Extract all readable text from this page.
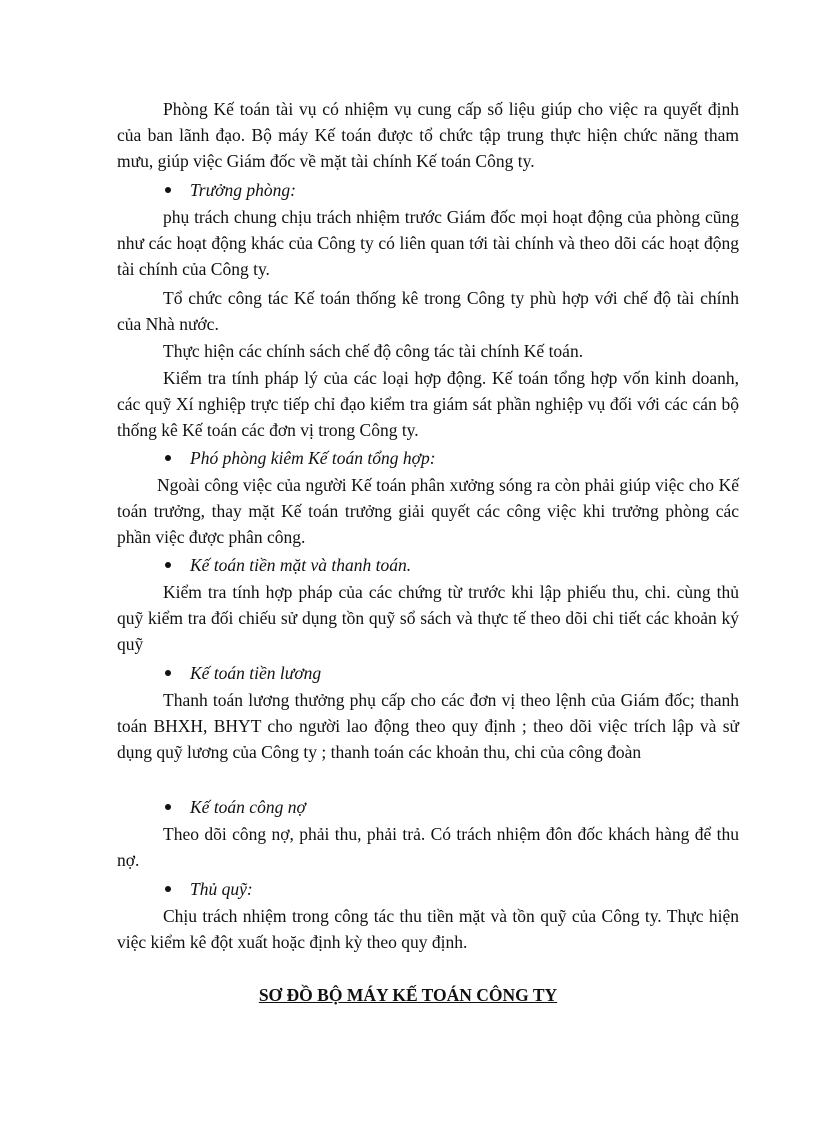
Phòng Kế toán tài vụ có nhiệm vụ cung cấp số liệu giúp cho việc ra quyết định của ban lãnh đạo. Bộ máy Kế toán được tổ chức tập trung thực hiện chức năng tham mưu, giúp việc Giám đốc về mặt tài chính Kế toán Công ty.

Trưởng phòng:

phụ trách chung chịu trách nhiệm trước Giám đốc mọi hoạt động của phòng cũng như các hoạt động khác của Công ty có liên quan tới tài chính và theo dõi các hoạt động tài chính của Công ty.

Tổ chức công tác Kế toán thống kê trong Công ty phù hợp với chế độ tài chính của Nhà nước.

Thực hiện các chính sách chế độ công tác tài chính Kế toán.

Kiểm tra tính pháp lý của các loại hợp động. Kế toán tổng hợp vốn kinh doanh, các quỹ Xí nghiệp trực tiếp chỉ đạo kiểm tra giám sát phần nghiệp vụ đối với các cán bộ thống kê Kế toán các đơn vị trong Công ty.

Phó phòng kiêm Kế toán tổng hợp:

Ngoài công việc của người Kế toán phân xưởng sóng ra còn phải giúp việc cho Kế toán trưởng, thay mặt Kế toán trưởng giải quyết các công việc khi trưởng phòng các phần việc được phân công.

Kế toán tiền mặt và thanh toán.

Kiểm tra tính hợp pháp của các chứng từ trước khi lập phiếu thu, chi. cùng thủ quỹ kiểm tra đối chiếu sử dụng tồn quỹ sổ sách và thực tế theo dõi chi tiết các khoản ký quỹ

Kế toán tiền lương

Thanh toán lương thưởng phụ cấp cho các đơn vị theo lệnh của Giám đốc; thanh toán BHXH, BHYT cho người lao động theo quy định ; theo dõi việc trích lập và sử dụng quỹ lương của Công ty ; thanh toán các khoản thu, chi của công đoàn

Kế toán công nợ

Theo dõi công nợ, phải thu, phải trả. Có trách nhiệm đôn đốc khách hàng để thu nợ.

Thủ quỹ:

Chịu trách nhiệm trong công tác thu tiền mặt và tồn quỹ của Công ty. Thực hiện việc kiểm kê đột xuất hoặc định kỳ theo quy định.

SƠ ĐỒ BỘ MÁY KẾ TOÁN CÔNG TY
